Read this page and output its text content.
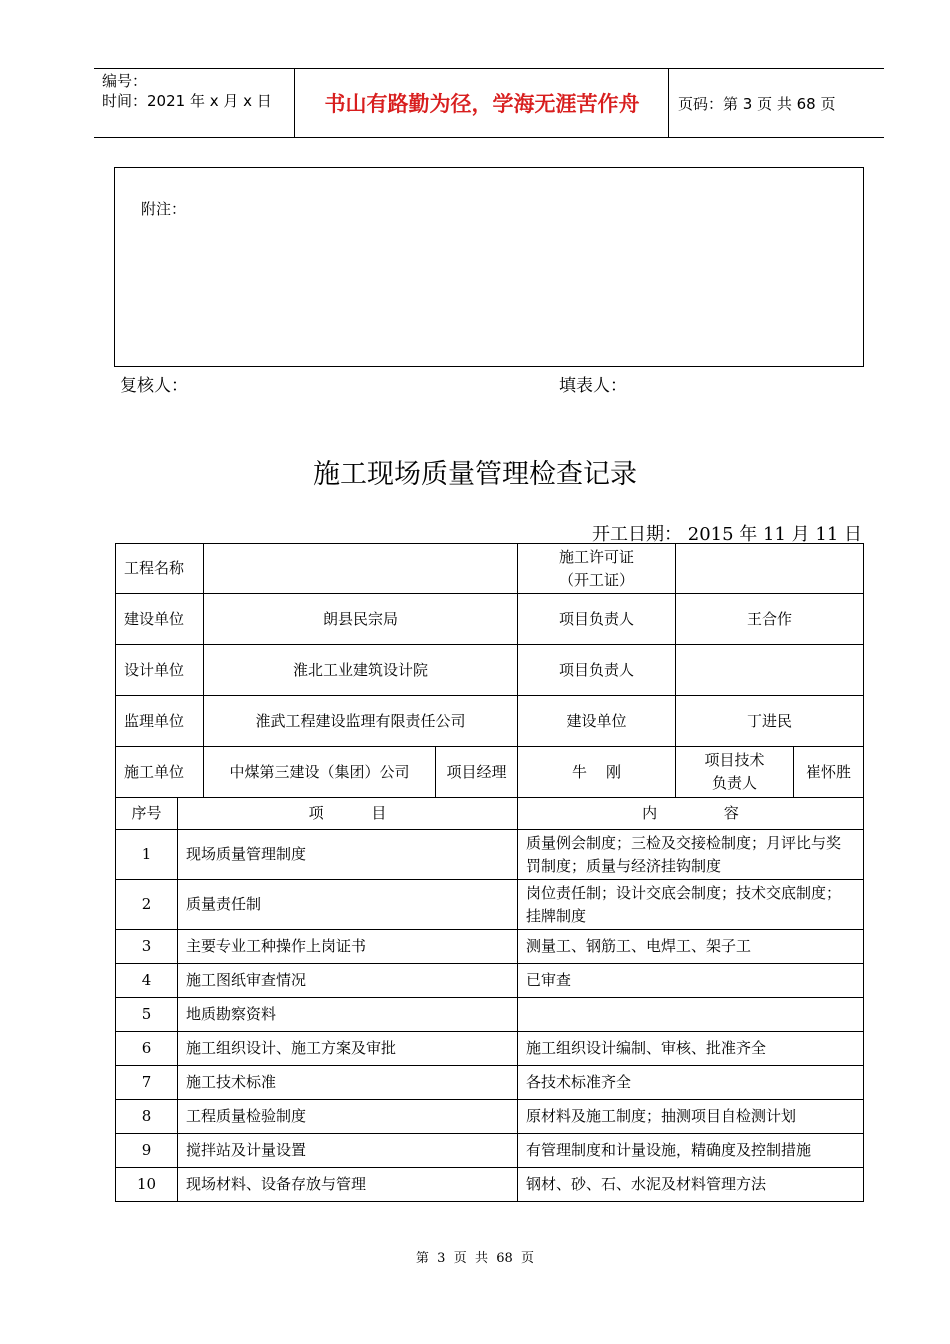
编号：
时间：2021 年 x 月 x 日	书山有路勤为径，学海无涯苦作舟	页码：第 3 页 共 68 页
附注：
复核人：	填表人：
施工现场质量管理检查记录
开工日期： 2015 年 11 月 11 日
工程名称				施工许可证
（开工证）		

建设单位		朗县民宗局		项目负责人	王合作	
设计单位		淮北工业建筑设计院		项目负责人		
监理单位		淮武工程建设监理有限责任公司		建设单位	丁进民	
施工单位		中煤第三建设（集团）公司	项目经理	牛    刚	项目技术
负责人	崔怀胜
序号	项          目			内              容		
1	现场质量管理制度			质量例会制度；三检及交接检制度；月评比与奖罚制度；质量与经济挂钩制度		
2	质量责任制			岗位责任制；设计交底会制度；技术交底制度；挂牌制度		
3	主要专业工种操作上岗证书			测量工、钢筋工、电焊工、架子工		
4	施工图纸审查情况			已审查		
5	地质勘察资料					
6	施工组织设计、施工方案及审批			施工组织设计编制、审核、批准齐全		
7	施工技术标准			各技术标准齐全		
8	工程质量检验制度			原材料及施工制度；抽测项目自检测计划		
9	搅拌站及计量设置			有管理制度和计量设施，精确度及控制措施		
10	现场材料、设备存放与管理			钢材、砂、石、水泥及材料管理方法		
第  3  页  共  68  页
